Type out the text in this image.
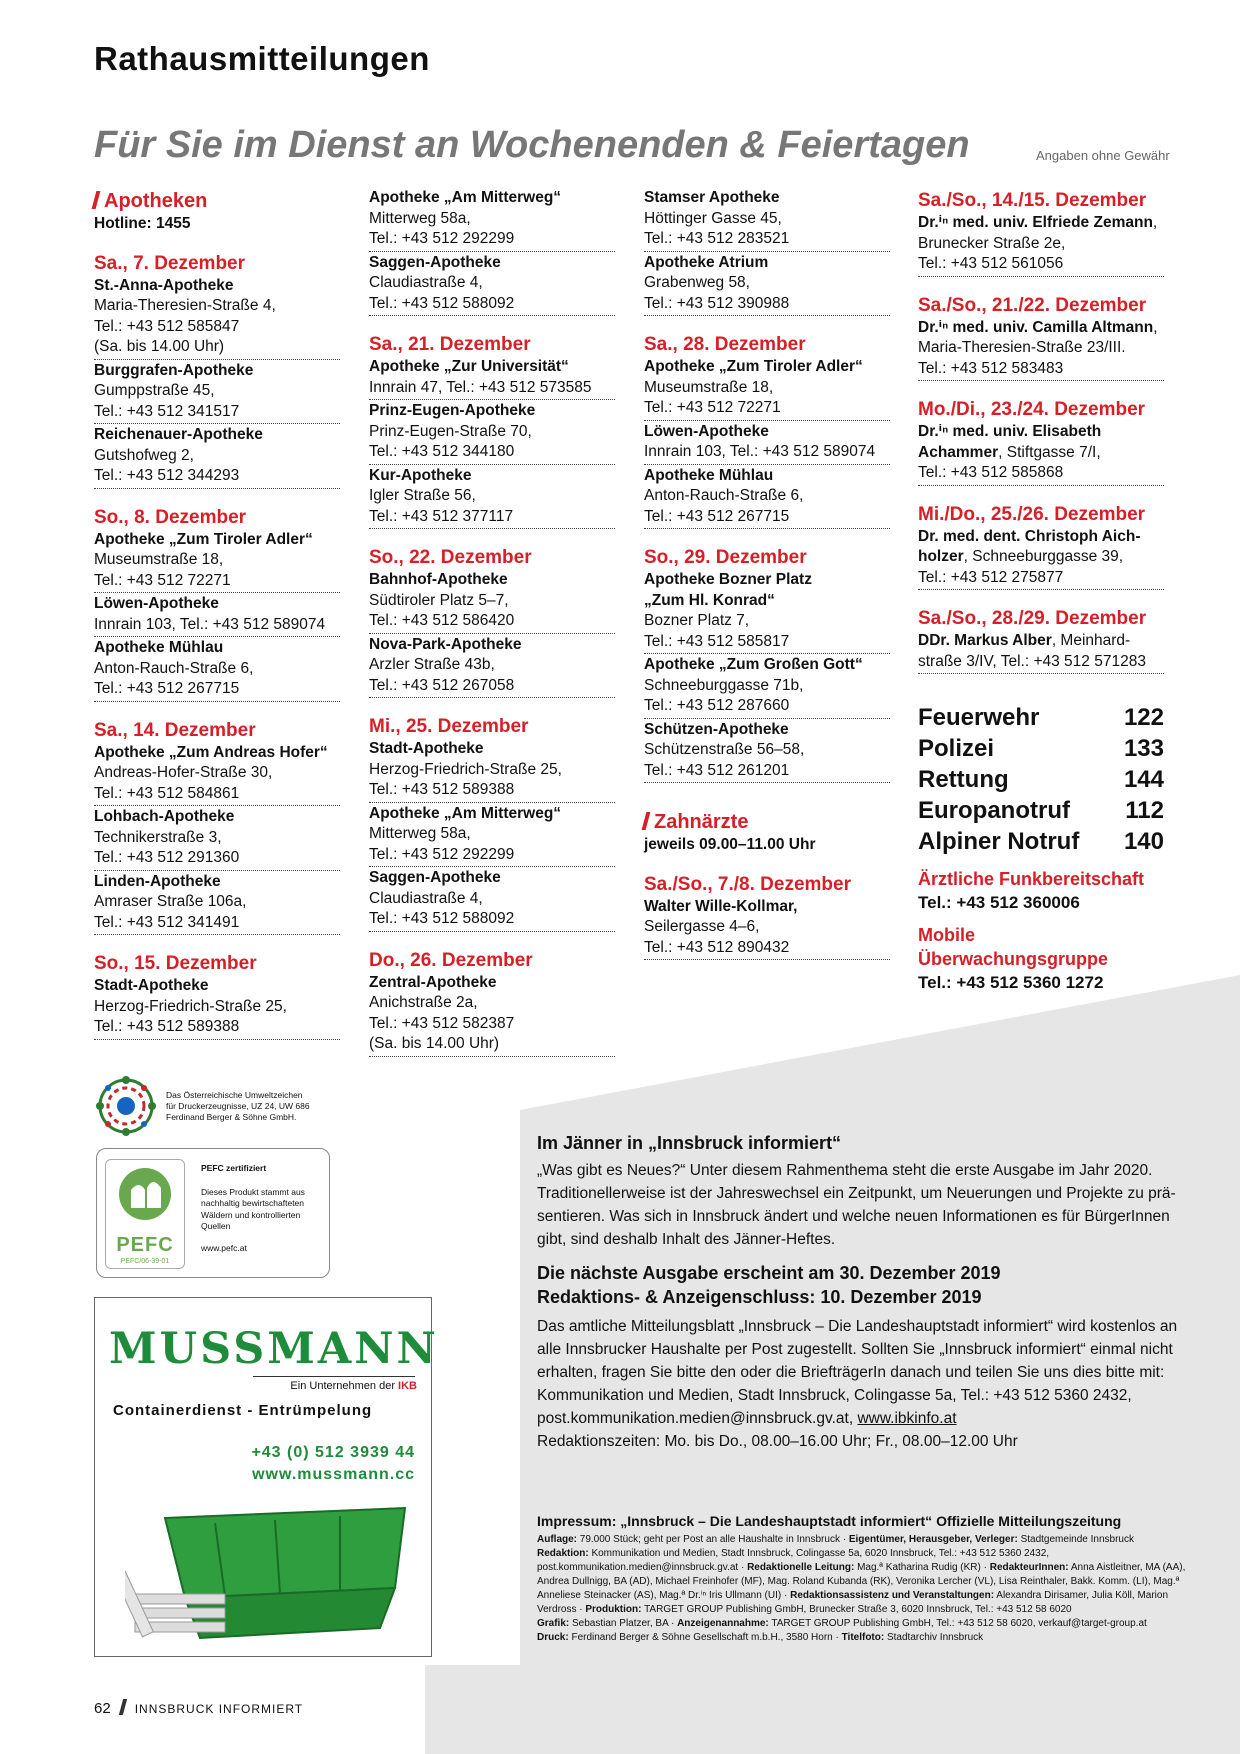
Rathausmitteilungen
Für Sie im Dienst an Wochenenden & Feiertagen	Angaben ohne Gewähr
Apotheken
Hotline: 1455
Sa., 7. Dezember
St.-Anna-Apotheke
Maria-Theresien-Straße 4,
Tel.: +43 512 585847
(Sa. bis 14.00 Uhr)
Burggrafen-Apotheke
Gumppstraße 45,
Tel.: +43 512 341517
Reichenauer-Apotheke
Gutshofweg 2,
Tel.: +43 512 344293
So., 8. Dezember
Apotheke „Zum Tiroler Adler“
Museumstraße 18,
Tel.: +43 512 72271
Löwen-Apotheke
Innrain 103, Tel.: +43 512 589074
Apotheke Mühlau
Anton-Rauch-Straße 6,
Tel.: +43 512 267715
Sa., 14. Dezember
Apotheke „Zum Andreas Hofer“
Andreas-Hofer-Straße 30,
Tel.: +43 512 584861
Lohbach-Apotheke
Technikerstraße 3,
Tel.: +43 512 291360
Linden-Apotheke
Amraser Straße 106a,
Tel.: +43 512 341491
So., 15. Dezember
Stadt-Apotheke
Herzog-Friedrich-Straße 25,
Tel.: +43 512 589388
Apotheke „Am Mitterweg“
Mitterweg 58a,
Tel.: +43 512 292299
Saggen-Apotheke
Claudiastraße 4,
Tel.: +43 512 588092
Sa., 21. Dezember
Apotheke „Zur Universität“
Innrain 47, Tel.: +43 512 573585
Prinz-Eugen-Apotheke
Prinz-Eugen-Straße 70,
Tel.: +43 512 344180
Kur-Apotheke
Igler Straße 56,
Tel.: +43 512 377117
So., 22. Dezember
Bahnhof-Apotheke
Südtiroler Platz 5–7,
Tel.: +43 512 586420
Nova-Park-Apotheke
Arzler Straße 43b,
Tel.: +43 512 267058
Mi., 25. Dezember
Stadt-Apotheke
Herzog-Friedrich-Straße 25,
Tel.: +43 512 589388
Apotheke „Am Mitterweg“
Mitterweg 58a,
Tel.: +43 512 292299
Saggen-Apotheke
Claudiastraße 4,
Tel.: +43 512 588092
Do., 26. Dezember
Zentral-Apotheke
Anichstraße 2a,
Tel.: +43 512 582387
(Sa. bis 14.00 Uhr)
Stamser Apotheke
Höttinger Gasse 45,
Tel.: +43 512 283521
Apotheke Atrium
Grabenweg 58,
Tel.: +43 512 390988
Sa., 28. Dezember
Apotheke „Zum Tiroler Adler“
Museumstraße 18,
Tel.: +43 512 72271
Löwen-Apotheke
Innrain 103, Tel.: +43 512 589074
Apotheke Mühlau
Anton-Rauch-Straße 6,
Tel.: +43 512 267715
So., 29. Dezember
Apotheke Bozner Platz
„Zum Hl. Konrad“
Bozner Platz 7,
Tel.: +43 512 585817
Apotheke „Zum Großen Gott“
Schneeburggasse 71b,
Tel.: +43 512 287660
Schützen-Apotheke
Schützenstraße 56–58,
Tel.: +43 512 261201
Zahnärzte
jeweils 09.00–11.00 Uhr
Sa./So., 7./8. Dezember
Walter Wille-Kollmar,
Seilergasse 4–6,
Tel.: +43 512 890432
Sa./So., 14./15. Dezember
Dr.ⁱⁿ med. univ. Elfriede Zemann,
Brunecker Straße 2e,
Tel.: +43 512 561056
Sa./So., 21./22. Dezember
Dr.ⁱⁿ med. univ. Camilla Altmann,
Maria-Theresien-Straße 23/III.
Tel.: +43 512 583483
Mo./Di., 23./24. Dezember
Dr.ⁱⁿ med. univ. Elisabeth Achammer, Stiftgasse 7/I,
Tel.: +43 512 585868
Mi./Do., 25./26. Dezember
Dr. med. dent. Christoph Aichholzer, Schneeburggasse 39,
Tel.: +43 512 275877
Sa./So., 28./29. Dezember
DDr. Markus Alber, Meinhardstraße 3/IV, Tel.: +43 512 571283
Feuerwehr	122
Polizei	133
Rettung	144
Europanotruf 112
Alpiner Notruf 140
Ärztliche Funkbereitschaft
Tel.: +43 512 360006
Mobile Überwachungsgruppe
Tel.: +43 512 5360 1272
Das Österreichische Umweltzeichen
für Druckerzeugnisse, UZ 24, UW 686
Ferdinand Berger & Söhne GmbH.
PEFC
PEFC/06-39-01
PEFC zertifiziert
Dieses Produkt stammt aus nachhaltig bewirtschafteten Wäldern und kontrollierten Quellen
www.pefc.at
MUSSMANN
Ein Unternehmen der IKB
Containerdienst - Entrümpelung
+43 (0) 512 3939 44
www.mussmann.cc
Im Jänner in „Innsbruck informiert“

„Was gibt es Neues?“ Unter diesem Rahmenthema steht die erste Ausgabe im Jahr 2020. Traditionellerweise ist der Jahreswechsel ein Zeitpunkt, um Neuerungen und Projekte zu präsentieren. Was sich in Innsbruck ändert und welche neuen Informationen es für BürgerInnen gibt, sind deshalb Inhalt des Jänner-Heftes.

Die nächste Ausgabe erscheint am 30. Dezember 2019
Redaktions- & Anzeigenschluss: 10. Dezember 2019

Das amtliche Mitteilungsblatt „Innsbruck – Die Landeshauptstadt informiert“ wird kostenlos an alle Innsbrucker Haushalte per Post zugestellt. Sollten Sie „Innsbruck informiert“ einmal nicht erhalten, fragen Sie bitte den oder die BriefträgerIn danach und teilen Sie uns dies bitte mit: Kommunikation und Medien, Stadt Innsbruck, Colingasse 5a, Tel.: +43 512 5360 2432, post.kommunikation.medien@innsbruck.gv.at, www.ibkinfo.at
Redaktionszeiten: Mo. bis Do., 08.00–16.00 Uhr; Fr., 08.00–12.00 Uhr

Impressum: „Innsbruck – Die Landeshauptstadt informiert“ Offizielle Mitteilungszeitung
Auflage: 79.000 Stück; geht per Post an alle Haushalte in Innsbruck · Eigentümer, Herausgeber, Verleger: Stadtgemeinde Innsbruck
Redaktion: Kommunikation und Medien, Stadt Innsbruck, Colingasse 5a, 6020 Innsbruck, Tel.: +43 512 5360 2432, post.kommunikation.medien@innsbruck.gv.at · Redaktionelle Leitung: Mag.ª Katharina Rudig (KR) · RedakteurInnen: Anna Aistleitner, MA (AA), Andrea Dullnigg, BA (AD), Michael Freinhofer (MF), Mag. Roland Kubanda (RK), Veronika Lercher (VL), Lisa Reinthaler, Bakk. Komm. (LI), Mag.ª Anneliese Steinacker (AS), Mag.ª Dr.ⁱⁿ Iris Ullmann (UI) · Redaktionsassistenz und Veranstaltungen: Alexandra Dirisamer, Julia Köll, Marion Verdross · Produktion: TARGET GROUP Publishing GmbH, Brunecker Straße 3, 6020 Innsbruck, Tel.: +43 512 58 6020
Grafik: Sebastian Platzer, BA · Anzeigenannahme: TARGET GROUP Publishing GmbH, Tel.: +43 512 58 6020, verkauf@target-group.at
Druck: Ferdinand Berger & Söhne Gesellschaft m.b.H., 3580 Horn · Titelfoto: Stadtarchiv Innsbruck
62 INNSBRUCK INFORMIERT
